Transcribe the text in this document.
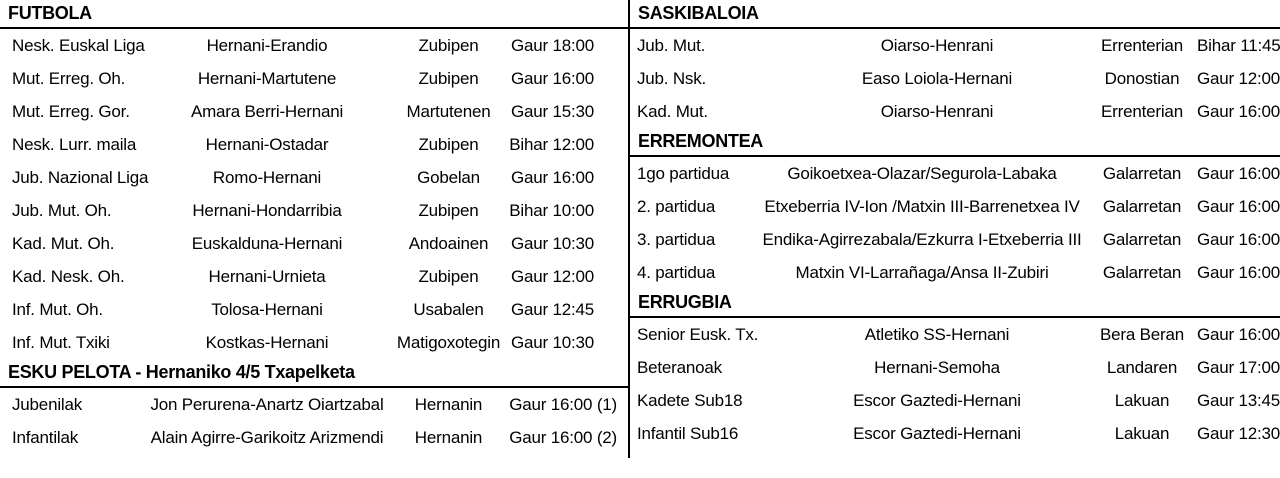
FUTBOLA
Nesk. Euskal Liga	Hernani-Erandio	Zubipen	Gaur 18:00
Mut. Erreg. Oh.	Hernani-Martutene	Zubipen	Gaur 16:00
Mut. Erreg. Gor.	Amara Berri-Hernani	Martutenen	Gaur 15:30
Nesk. Lurr. maila	Hernani-Ostadar	Zubipen	Bihar 12:00
Jub. Nazional Liga	Romo-Hernani	Gobelan	Gaur 16:00
Jub. Mut. Oh.	Hernani-Hondarribia	Zubipen	Bihar 10:00
Kad. Mut. Oh.	Euskalduna-Hernani	Andoainen	Gaur 10:30
Kad. Nesk. Oh.	Hernani-Urnieta	Zubipen	Gaur 12:00
Inf. Mut. Oh.	Tolosa-Hernani	Usabalen	Gaur 12:45
Inf. Mut. Txiki	Kostkas-Hernani	Matigoxotegin Gaur 10:30
ESKU PELOTA - Hernaniko 4/5 Txapelketa
Jubenilak	Jon Perurena-Anartz Oiartzabal	Hernanin	Gaur 16:00 (1)
Infantilak	Alain Agirre-Garikoitz Arizmendi	Hernanin	Gaur 16:00 (2)
SASKIBALOIA
Jub. Mut.	Oiarso-Henrani	Errenterian Bihar 11:45
Jub. Nsk.	Easo Loiola-Hernani	Donostian	Gaur 12:00
Kad. Mut.	Oiarso-Henrani	Errenterian Gaur 16:00
ERREMONTEA
1go partidua	Goikoetxea-Olazar/Segurola-Labaka	Galarretan Gaur 16:00
2. partidua	Etxeberria IV-Ion /Matxin III-Barrenetxea IV	Galarretan Gaur 16:00
3. partidua	Endika-Agirrezabala/Ezkurra I-Etxeberria III	Galarretan Gaur 16:00
4. partidua	Matxin VI-Larrañaga/Ansa II-Zubiri	Galarretan Gaur 16:00
ERRUGBIA
Senior Eusk. Tx.	Atletiko SS-Hernani	Bera Beran Gaur 16:00
Beteranoak	Hernani-Semoha	Landaren	Gaur 17:00
Kadete Sub18	Escor Gaztedi-Hernani	Lakuan	Gaur 13:45
Infantil Sub16	Escor Gaztedi-Hernani	Lakuan	Gaur 12:30
